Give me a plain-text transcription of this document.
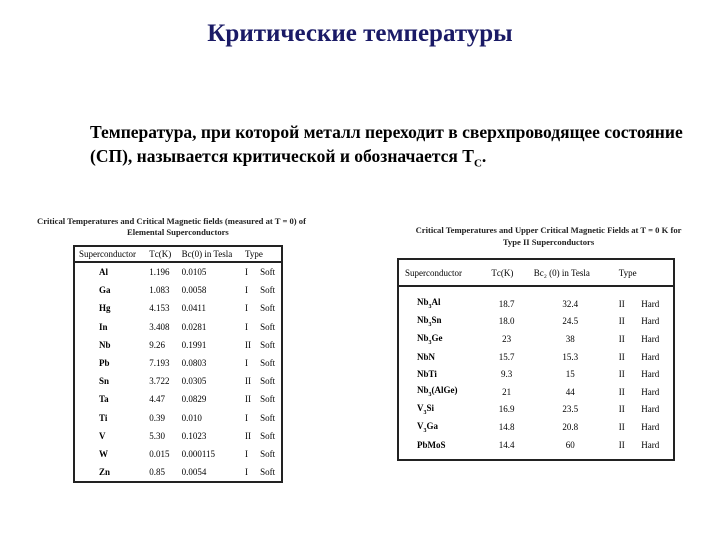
Критические температуры
Температура, при которой металл переходит в сверхпроводящее состояние (СП), называется критической и обозначается $T_C$.
Critical Temperatures and Critical Magnetic fields (measured at T = 0) of
Elemental Superconductors
Superconductor	Tс(K)	Bс(0) in Tesla	Type	
Al	1.196	0.0105	I	Soft
Ga	1.083	0.0058	I	Soft
Hg	4.153	0.0411	I	Soft
In	3.408	0.0281	I	Soft
Nb	9.26	0.1991	II	Soft
Pb	7.193	0.0803	I	Soft
Sn	3.722	0.0305	II	Soft
Ta	4.47	0.0829	II	Soft
Ti	0.39	0.010	I	Soft
V	5.30	0.1023	II	Soft
W	0.015	0.000115	I	Soft
Zn	0.85	0.0054	I	Soft
Critical Temperatures and Upper Critical Magnetic Fields at T = 0 K for
Type II Superconductors
Superconductor	Tс(K)	Bс₂ (0) in Tesla	Type	
$Nb_3Al$	18.7	32.4	II	Hard
$Nb_3Sn$	18.0	24.5	II	Hard
$Nb_3Ge$	23	38	II	Hard
NbN	15.7	15.3	II	Hard
NbTi	9.3	15	II	Hard
$Nb_3(AlGe)$	21	44	II	Hard
$V_3Si$	16.9	23.5	II	Hard
$V_3Ga$	14.8	20.8	II	Hard
PbMoS	14.4	60	II	Hard
